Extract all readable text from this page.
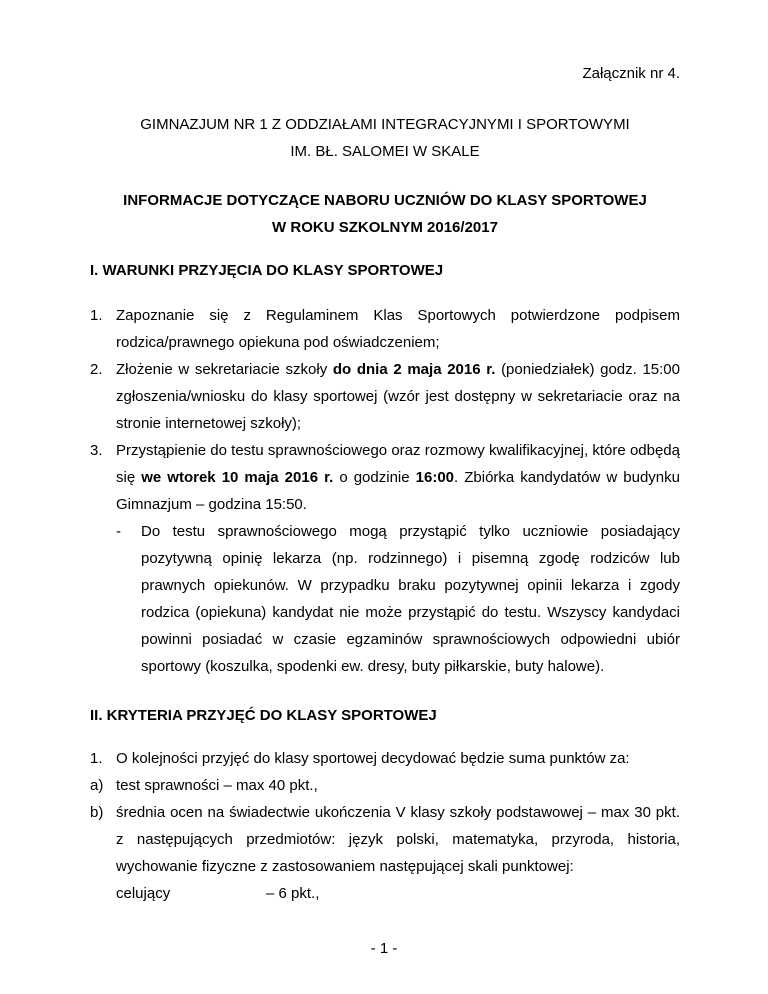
Załącznik nr 4.
GIMNAZJUM NR 1 Z ODDZIAŁAMI INTEGRACYJNYMI I SPORTOWYMI
IM. BŁ. SALOMEI W SKALE
INFORMACJE DOTYCZĄCE NABORU UCZNIÓW DO KLASY SPORTOWEJ
W ROKU SZKOLNYM 2016/2017
I. WARUNKI PRZYJĘCIA DO KLASY SPORTOWEJ
1. Zapoznanie się z Regulaminem Klas Sportowych potwierdzone podpisem rodzica/prawnego opiekuna pod oświadczeniem;
2. Złożenie w sekretariacie szkoły do dnia 2 maja 2016 r. (poniedziałek) godz. 15:00 zgłoszenia/wniosku do klasy sportowej (wzór jest dostępny w sekretariacie oraz na stronie internetowej szkoły);
3. Przystąpienie do testu sprawnościowego oraz rozmowy kwalifikacyjnej, które odbędą się we wtorek 10 maja 2016 r. o godzinie 16:00. Zbiórka kandydatów w budynku Gimnazjum – godzina 15:50.
-	Do testu sprawnościowego mogą przystąpić tylko uczniowie posiadający pozytywną opinię lekarza (np. rodzinnego) i pisemną zgodę rodziców lub prawnych opiekunów. W przypadku braku pozytywnej opinii lekarza i zgody rodzica (opiekuna) kandydat nie może przystąpić do testu. Wszyscy kandydaci powinni posiadać w czasie egzaminów sprawnościowych odpowiedni ubiór sportowy (koszulka, spodenki ew. dresy, buty piłkarskie, buty halowe).
II. KRYTERIA PRZYJĘĆ DO KLASY SPORTOWEJ
1. O kolejności przyjęć do klasy sportowej decydować będzie suma punktów za:
a) test sprawności – max 40 pkt.,
b) średnia ocen na świadectwie ukończenia V klasy szkoły podstawowej – max 30 pkt. z następujących przedmiotów: język polski, matematyka, przyroda, historia, wychowanie fizyczne z zastosowaniem następującej skali punktowej:
celujący	– 6 pkt.,
- 1 -
